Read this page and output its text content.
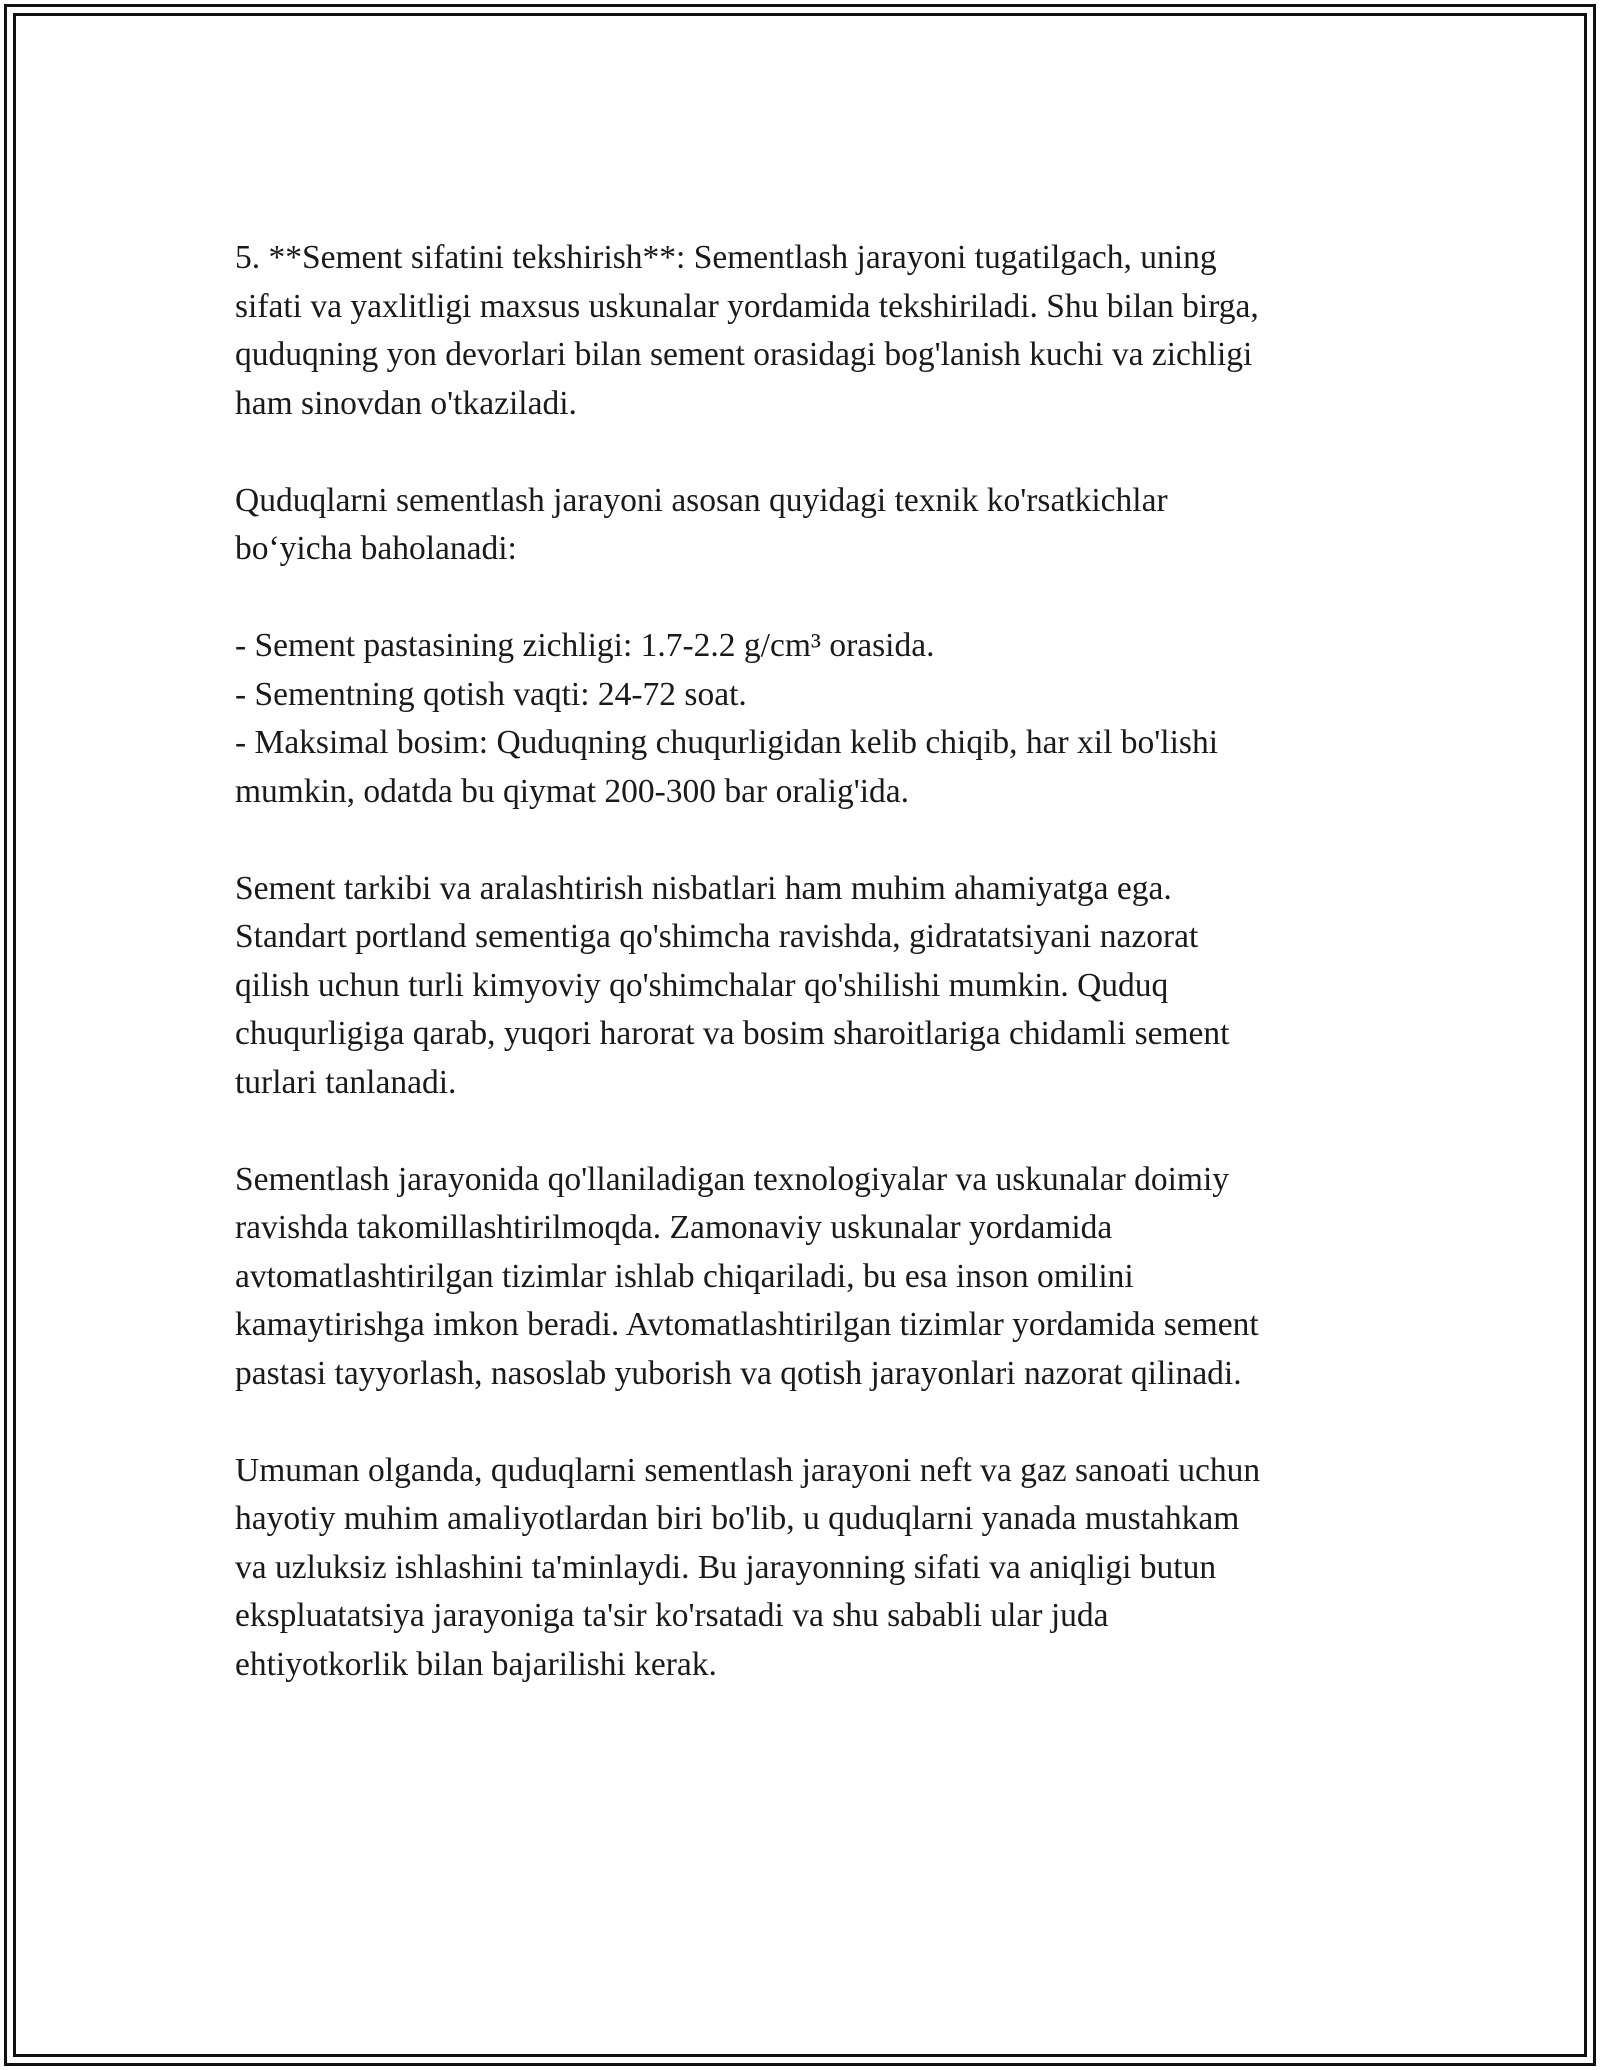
5. **Sement sifatini tekshirish**: Sementlash jarayoni tugatilgach, uning
sifati va yaxlitligi maxsus uskunalar yordamida tekshiriladi. Shu bilan birga,
quduqning yon devorlari bilan sement orasidagi bog'lanish kuchi va zichligi
ham sinovdan o'tkaziladi.

Quduqlarni sementlash jarayoni asosan quyidagi texnik ko'rsatkichlar
bo‘yicha baholanadi:

- Sement pastasining zichligi: 1.7-2.2 g/cm³ orasida.
- Sementning qotish vaqti: 24-72 soat.
- Maksimal bosim: Quduqning chuqurligidan kelib chiqib, har xil bo'lishi
mumkin, odatda bu qiymat 200-300 bar oralig'ida.

Sement tarkibi va aralashtirish nisbatlari ham muhim ahamiyatga ega.
Standart portland sementiga qo'shimcha ravishda, gidratatsiyani nazorat
qilish uchun turli kimyoviy qo'shimchalar qo'shilishi mumkin. Quduq
chuqurligiga qarab, yuqori harorat va bosim sharoitlariga chidamli sement
turlari tanlanadi.

Sementlash jarayonida qo'llaniladigan texnologiyalar va uskunalar doimiy
ravishda takomillashtirilmoqda. Zamonaviy uskunalar yordamida
avtomatlashtirilgan tizimlar ishlab chiqariladi, bu esa inson omilini
kamaytirishga imkon beradi. Avtomatlashtirilgan tizimlar yordamida sement
pastasi tayyorlash, nasoslab yuborish va qotish jarayonlari nazorat qilinadi.

Umuman olganda, quduqlarni sementlash jarayoni neft va gaz sanoati uchun
hayotiy muhim amaliyotlardan biri bo'lib, u quduqlarni yanada mustahkam
va uzluksiz ishlashini ta'minlaydi. Bu jarayonning sifati va aniqligi butun
ekspluatatsiya jarayoniga ta'sir ko'rsatadi va shu sababli ular juda
ehtiyotkorlik bilan bajarilishi kerak.
